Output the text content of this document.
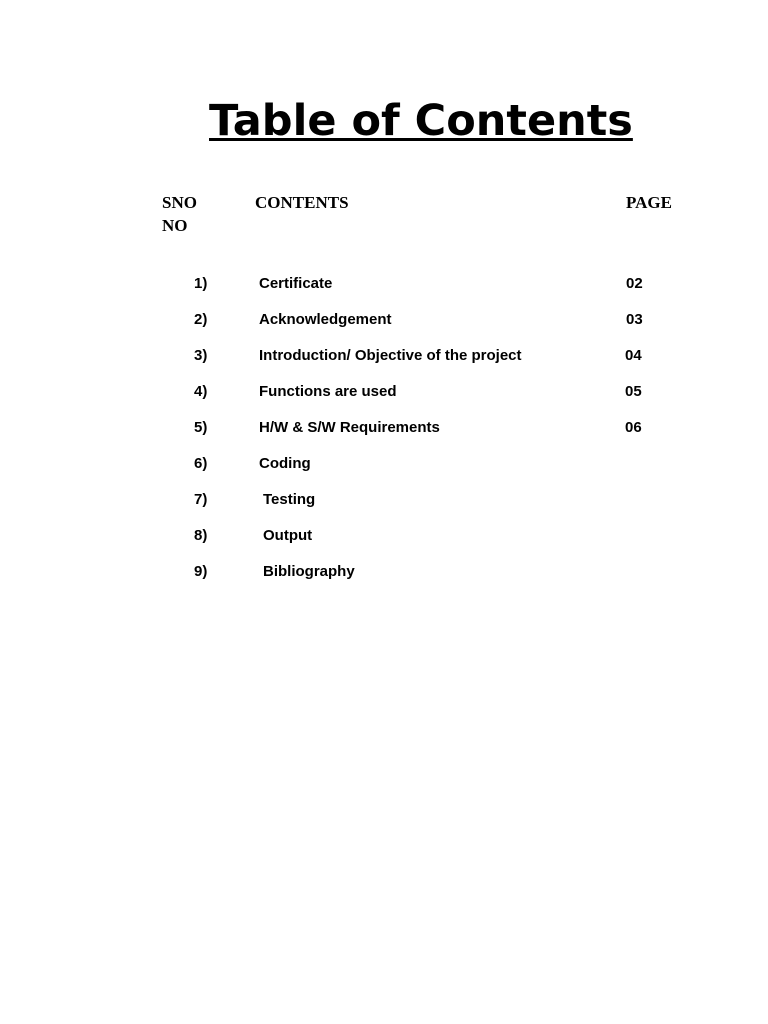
Table of Contents
SNO	CONTENTS	PAGE
NO
1)	Certificate	02
2)	Acknowledgement	03
3)	Introduction/ Objective of the project	04
4)	Functions are used	05
5)	H/W & S/W Requirements	06
6)	Coding
7)	Testing
8)	Output
9)	Bibliography
